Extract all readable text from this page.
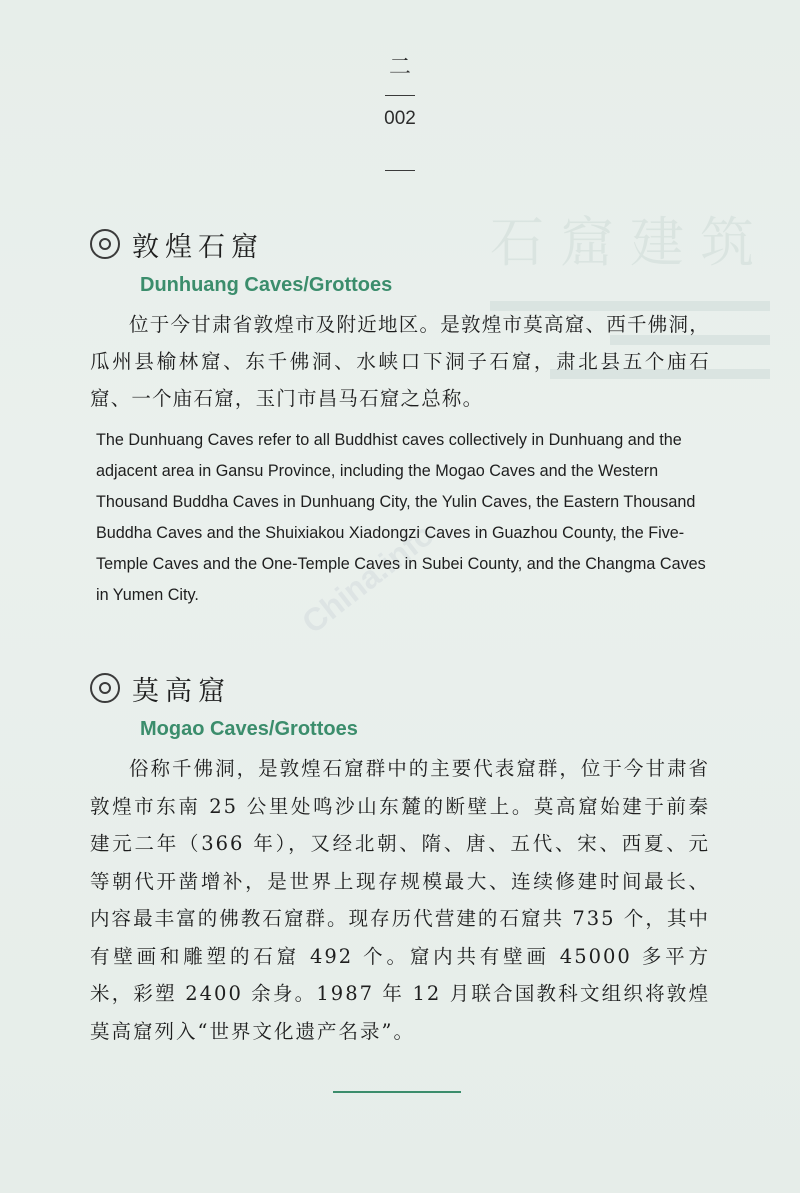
石窟建筑
China.info
二
002
敦煌石窟
Dunhuang Caves/Grottoes

位于今甘肃省敦煌市及附近地区。是敦煌市莫高窟、西千佛洞，瓜州县榆林窟、东千佛洞、水峡口下洞子石窟，肃北县五个庙石窟、一个庙石窟，玉门市昌马石窟之总称。

The Dunhuang Caves refer to all Buddhist caves collectively in Dunhuang and the adjacent area in Gansu Province, including the Mogao Caves and the Western Thousand Buddha Caves in Dunhuang City, the Yulin Caves, the Eastern Thousand Buddha Caves and the Shuixiakou Xiadongzi Caves in Guazhou County, the Five-Temple Caves and the One-Temple Caves in Subei County, and the Changma Caves in Yumen City.

莫高窟
Mogao Caves/Grottoes

俗称千佛洞，是敦煌石窟群中的主要代表窟群，位于今甘肃省敦煌市东南 25 公里处鸣沙山东麓的断壁上。莫高窟始建于前秦建元二年（366 年），又经北朝、隋、唐、五代、宋、西夏、元等朝代开凿增补，是世界上现存规模最大、连续修建时间最长、内容最丰富的佛教石窟群。现存历代营建的石窟共 735 个，其中有壁画和雕塑的石窟 492 个。窟内共有壁画 45000 多平方米，彩塑 2400 余身。1987 年 12 月联合国教科文组织将敦煌莫高窟列入“世界文化遗产名录”。
